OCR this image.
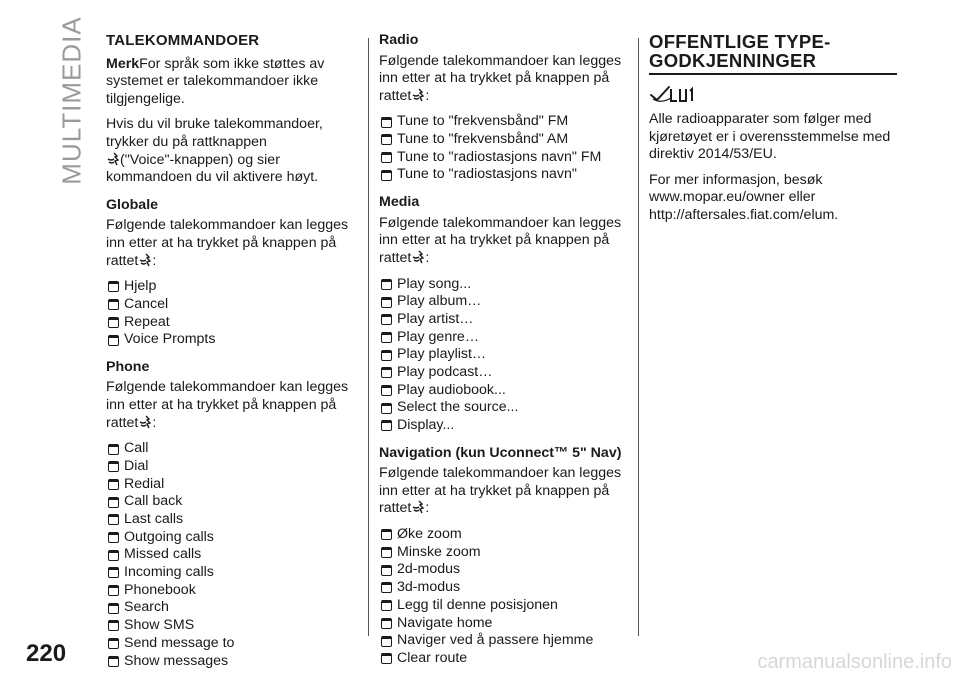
MULTIMEDIA TALEKOMMANDOER

MerkFor språk som ikke støttes av systemet er talekommandoer ikke tilgjengelige.

Hvis du vil bruke talekommandoer, trykker du på rattknappen
("Voice"-knappen) og sier kommandoen du vil aktivere høyt.

Globale

Følgende talekommandoer kan legges inn etter at ha trykket på knappen på rattet :

Hjelp
Cancel
Repeat
Voice Prompts
Phone

Følgende talekommandoer kan legges inn etter at ha trykket på knappen på rattet :

Call
Dial
Redial
Call back
Last calls
Outgoing calls
Missed calls
Incoming calls
Phonebook
Search
Show SMS
Send message to
Show messages
Radio

Følgende talekommandoer kan legges inn etter at ha trykket på knappen på rattet :

Tune to "frekvensbånd" FM
Tune to "frekvensbånd" AM
Tune to "radiostasjons navn" FM
Tune to "radiostasjons navn"
Media

Følgende talekommandoer kan legges inn etter at ha trykket på knappen på rattet :

Play song...
Play album…
Play artist…
Play genre…
Play playlist…
Play podcast…
Play audiobook...
Select the source...
Display...
Navigation (kun Uconnect™ 5" Nav)

Følgende talekommandoer kan legges inn etter at ha trykket på knappen på rattet :

Øke zoom
Minske zoom
2d-modus
3d-modus
Legg til denne posisjonen
Navigate home
Naviger ved å passere hjemme
Clear route
OFFENTLIGE TYPE-
GODKJENNINGER

Alle radioapparater som følger med kjøretøyet er i overensstemmelse med direktiv 2014/53/EU.

For mer informasjon, besøk www.mopar.eu/owner eller http://aftersales.fiat.com/elum.

220	carmanualsonline.info
